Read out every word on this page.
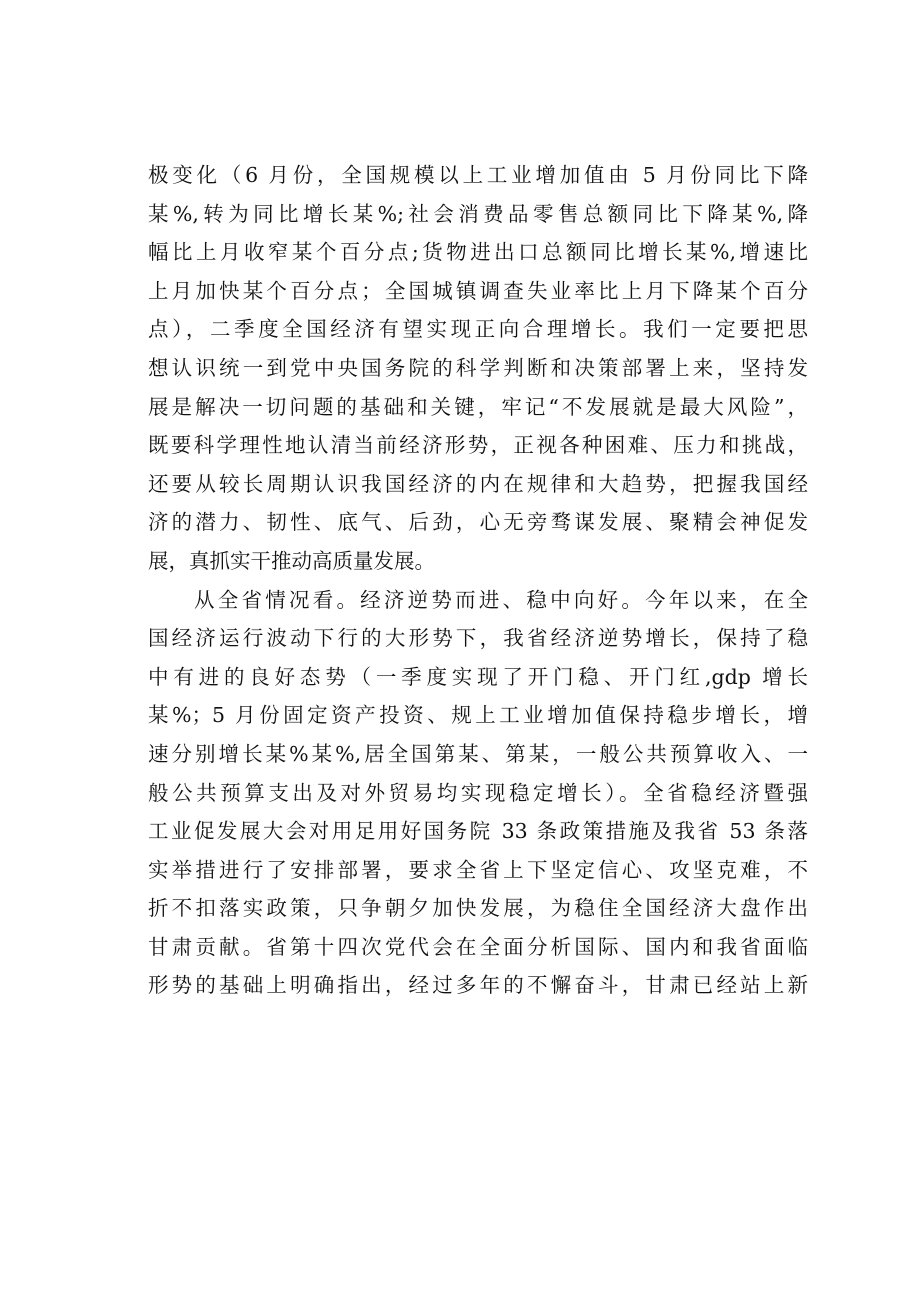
极变化（6 月份，全国规模以上工业增加值由 5 月份同比下降
某%,转为同比增长某%;社会消费品零售总额同比下降某%,降
幅比上月收窄某个百分点;货物进出口总额同比增长某%,增速比
上月加快某个百分点；全国城镇调查失业率比上月下降某个百分
点），二季度全国经济有望实现正向合理增长。我们一定要把思
想认识统一到党中央国务院的科学判断和决策部署上来，坚持发
展是解决一切问题的基础和关键，牢记“不发展就是最大风险”，
既要科学理性地认清当前经济形势，正视各种困难、压力和挑战，
还要从较长周期认识我国经济的内在规律和大趋势，把握我国经
济的潜力、韧性、底气、后劲，心无旁骛谋发展、聚精会神促发
展，真抓实干推动高质量发展。
从全省情况看。经济逆势而进、稳中向好。今年以来，在全
国经济运行波动下行的大形势下，我省经济逆势增长，保持了稳
中有进的良好态势（一季度实现了开门稳、开门红,gdp 增长
某%；5 月份固定资产投资、规上工业增加值保持稳步增长，增
速分别增长某%某%,居全国第某、第某，一般公共预算收入、一
般公共预算支出及对外贸易均实现稳定增长）。全省稳经济暨强
工业促发展大会对用足用好国务院 33 条政策措施及我省 53 条落
实举措进行了安排部署，要求全省上下坚定信心、攻坚克难，不
折不扣落实政策，只争朝夕加快发展，为稳住全国经济大盘作出
甘肃贡献。省第十四次党代会在全面分析国际、国内和我省面临
形势的基础上明确指出，经过多年的不懈奋斗，甘肃已经站上新
